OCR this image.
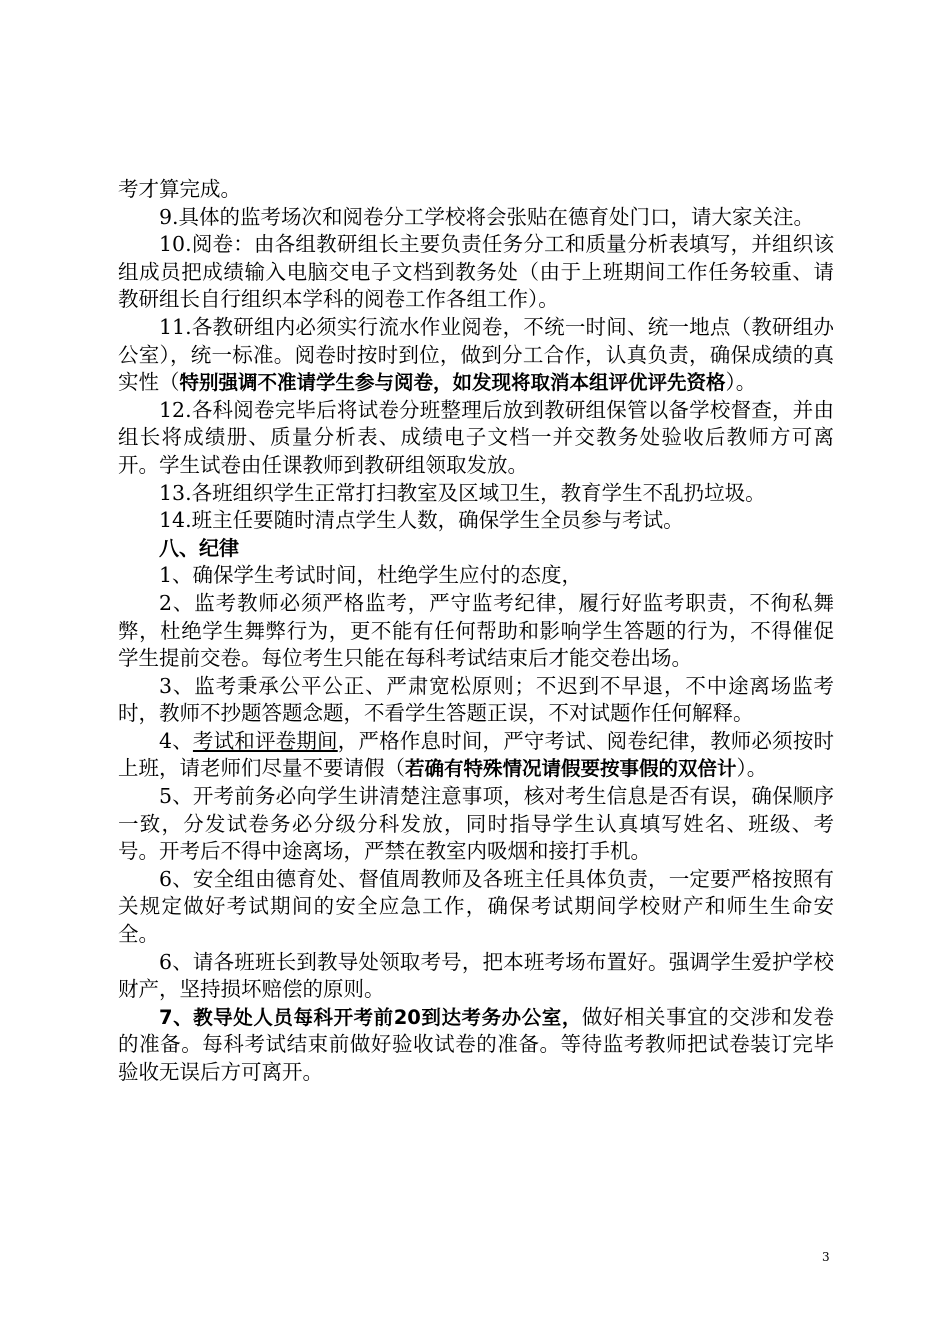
考才算完成。

9.具体的监考场次和阅卷分工学校将会张贴在德育处门口，请大家关注。

10.阅卷：由各组教研组长主要负责任务分工和质量分析表填写，并组织该组成员把成绩输入电脑交电子文档到教务处（由于上班期间工作任务较重、请教研组长自行组织本学科的阅卷工作各组工作）。

11.各教研组内必须实行流水作业阅卷，不统一时间、统一地点（教研组办公室），统一标准。阅卷时按时到位，做到分工合作，认真负责，确保成绩的真实性（特别强调不准请学生参与阅卷，如发现将取消本组评优评先资格）。

12.各科阅卷完毕后将试卷分班整理后放到教研组保管以备学校督查，并由组长将成绩册、质量分析表、成绩电子文档一并交教务处验收后教师方可离开。学生试卷由任课教师到教研组领取发放。

13.各班组织学生正常打扫教室及区域卫生，教育学生不乱扔垃圾。

14.班主任要随时清点学生人数，确保学生全员参与考试。

八、纪律

1、确保学生考试时间，杜绝学生应付的态度，

2、监考教师必须严格监考，严守监考纪律，履行好监考职责，不徇私舞弊，杜绝学生舞弊行为，更不能有任何帮助和影响学生答题的行为，不得催促学生提前交卷。每位考生只能在每科考试结束后才能交卷出场。

3、监考秉承公平公正、严肃宽松原则；不迟到不早退，不中途离场监考时，教师不抄题答题念题，不看学生答题正误，不对试题作任何解释。

4、考试和评卷期间，严格作息时间，严守考试、阅卷纪律，教师必须按时上班，请老师们尽量不要请假（若确有特殊情况请假要按事假的双倍计）。

5、开考前务必向学生讲清楚注意事项，核对考生信息是否有误，确保顺序一致，分发试卷务必分级分科发放，同时指导学生认真填写姓名、班级、考号。开考后不得中途离场，严禁在教室内吸烟和接打手机。

6、安全组由德育处、督值周教师及各班主任具体负责，一定要严格按照有关规定做好考试期间的安全应急工作，确保考试期间学校财产和师生生命安全。

6、请各班班长到教导处领取考号，把本班考场布置好。强调学生爱护学校财产，坚持损坏赔偿的原则。

7、教导处人员每科开考前20到达考务办公室，做好相关事宜的交涉和发卷的准备。每科考试结束前做好验收试卷的准备。等待监考教师把试卷装订完毕验收无误后方可离开。

3
